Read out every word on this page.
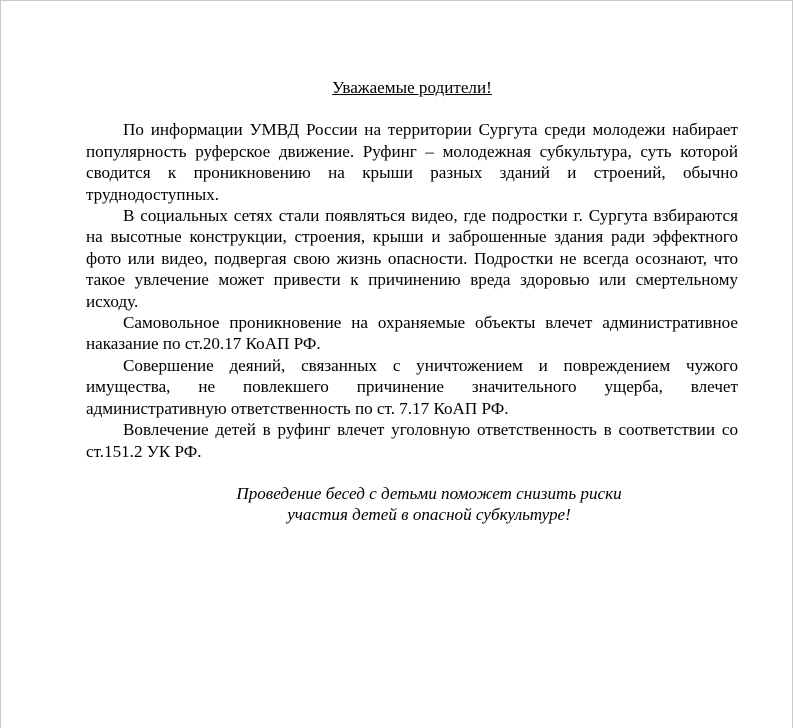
Уважаемые родители!

По информации УМВД России на территории Сургута среди молодежи набирает популярность руферское движение. Руфинг – молодежная субкультура, суть которой сводится к проникновению на крыши разных зданий и строений, обычно труднодоступных.

В социальных сетях стали появляться видео, где подростки г. Сургута взбираются на высотные конструкции, строения, крыши и заброшенные здания ради эффектного фото или видео, подвергая свою жизнь опасности. Подростки не всегда осознают, что такое увлечение может привести к причинению вреда здоровью или смертельному исходу.

Самовольное проникновение на охраняемые объекты влечет административное наказание по ст.20.17 КоАП РФ.

Совершение деяний, связанных с уничтожением и повреждением чужого имущества, не повлекшего причинение значительного ущерба, влечет административную ответственность по ст. 7.17 КоАП РФ.

Вовлечение детей в руфинг влечет уголовную ответственность в соответствии со ст.151.2 УК РФ.

Проведение бесед с детьми поможет снизить риски
участия детей в опасной субкультуре!
